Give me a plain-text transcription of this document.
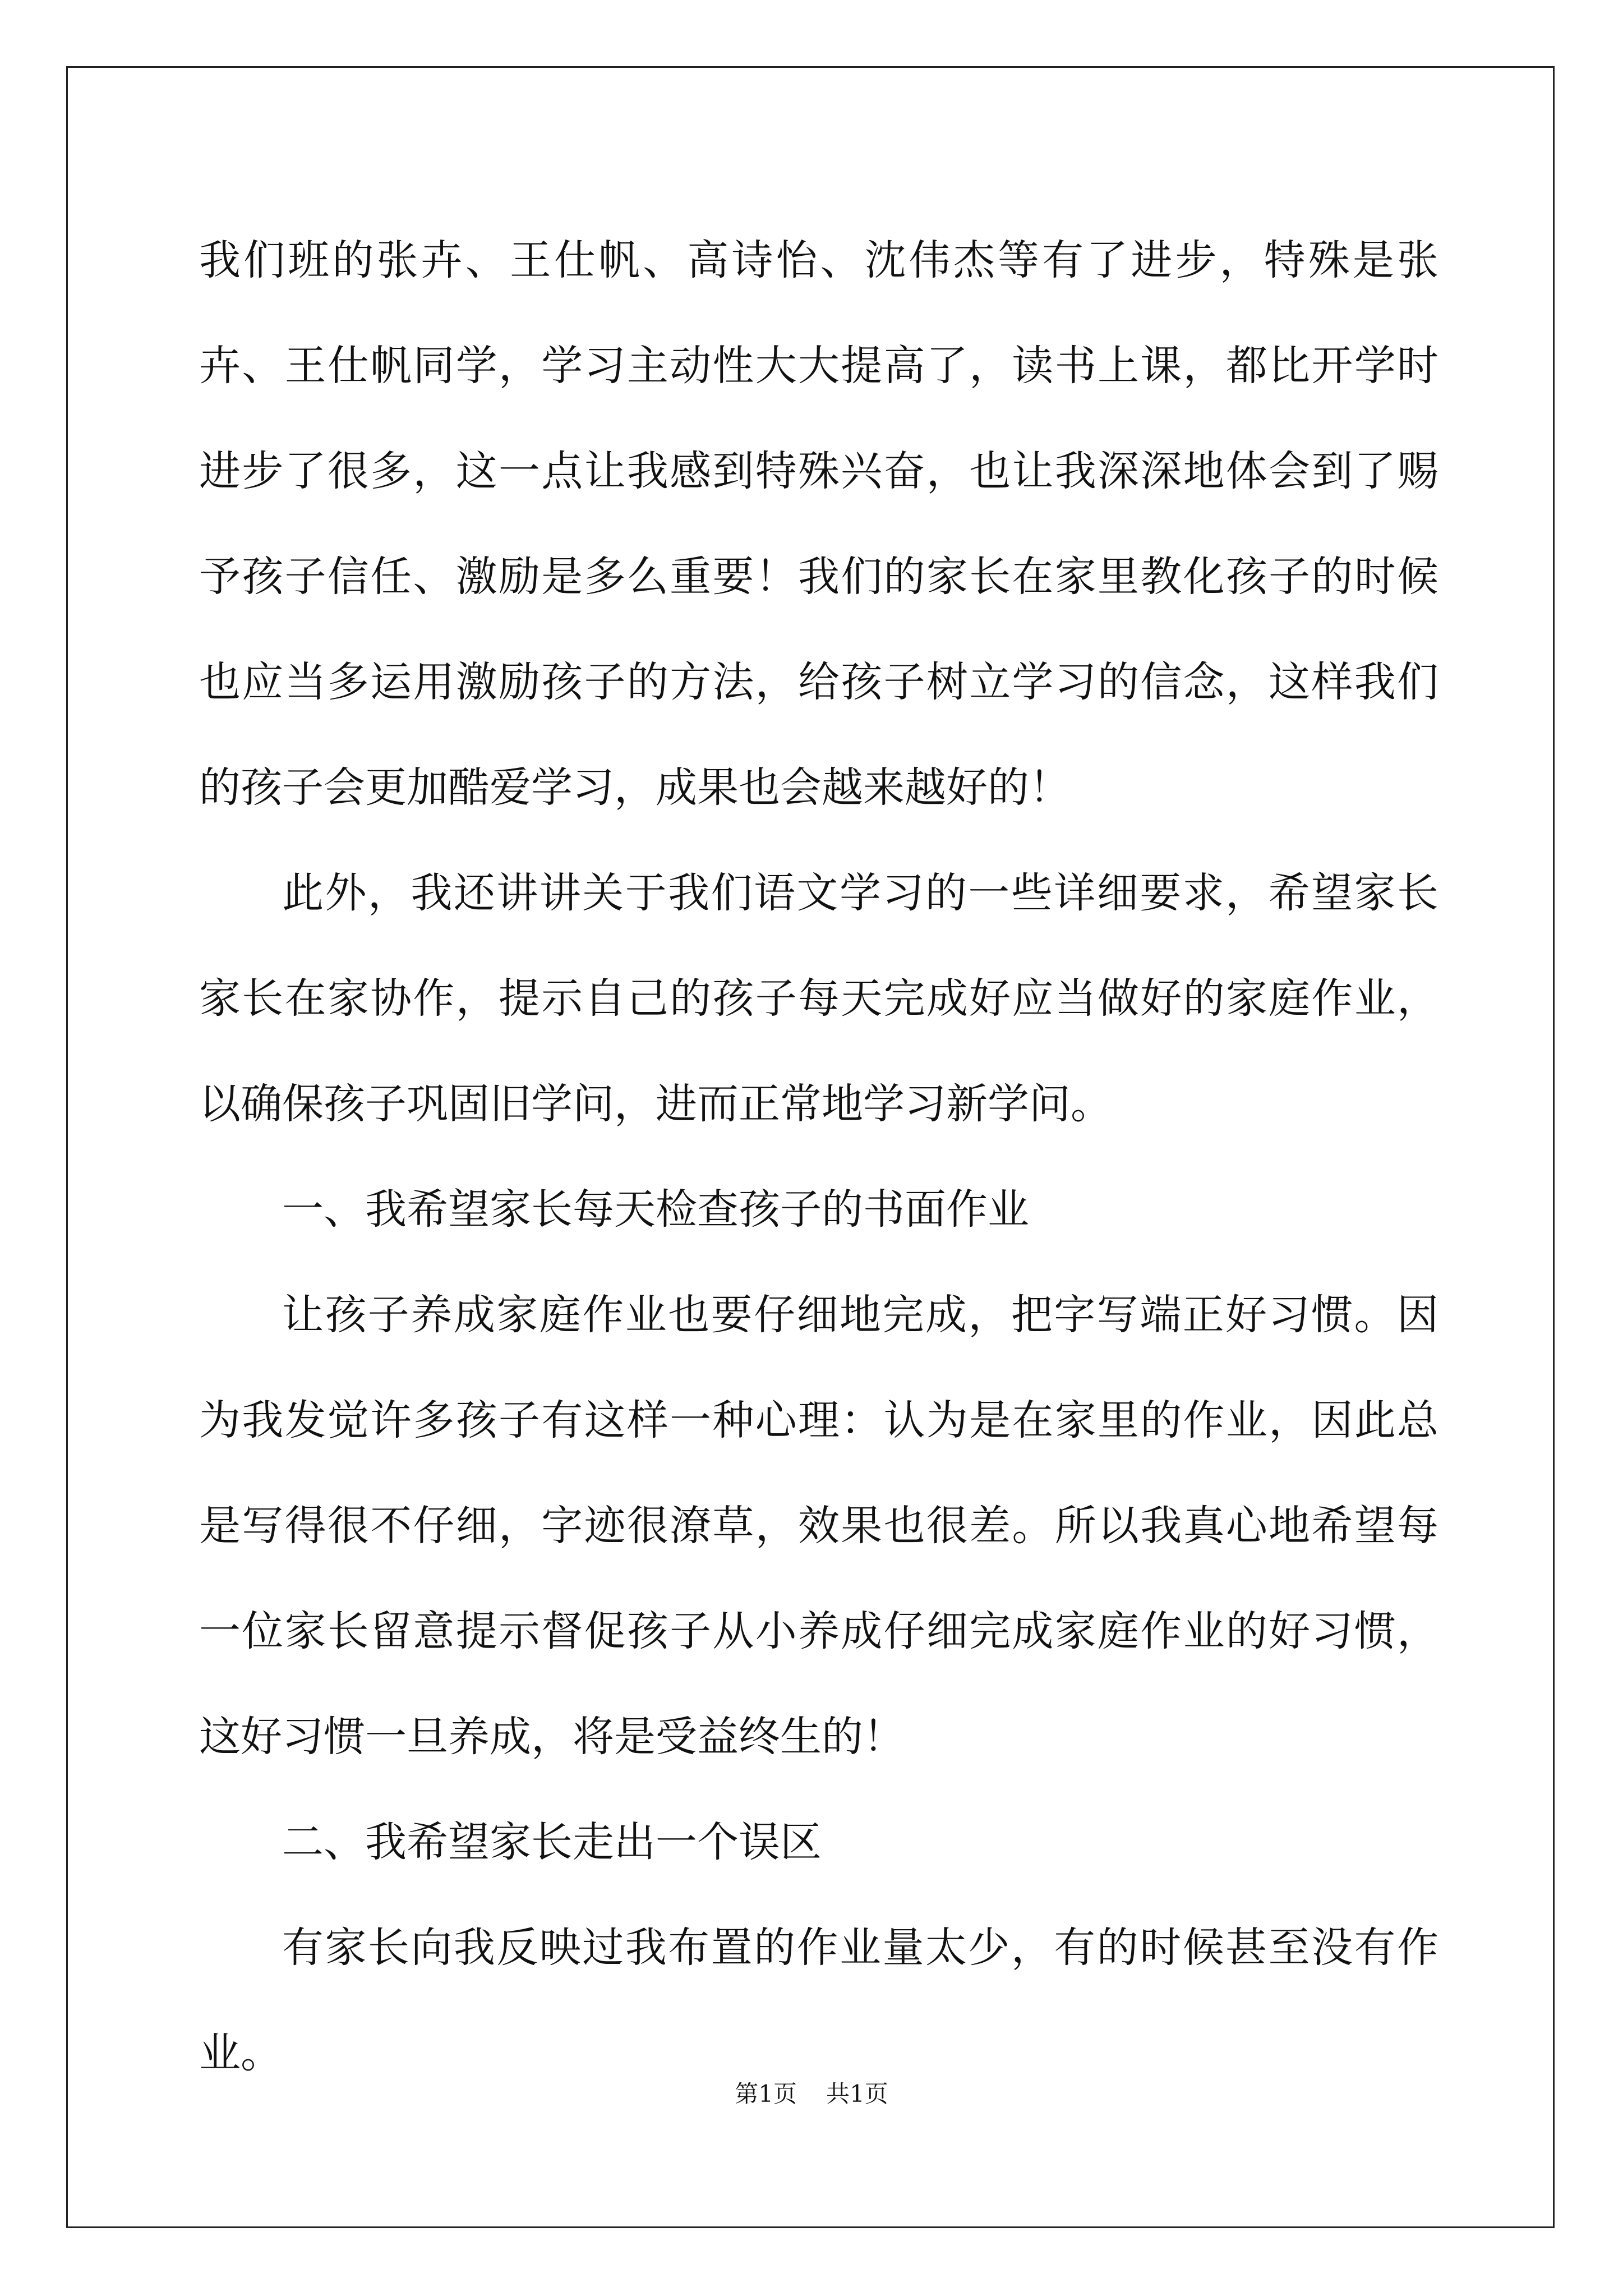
我们班的张卉、王仕帆、高诗怡、沈伟杰等有了进步，特殊是张卉、王仕帆同学，学习主动性大大提高了，读书上课，都比开学时进步了很多，这一点让我感到特殊兴奋，也让我深深地体会到了赐予孩子信任、激励是多么重要！我们的家长在家里教化孩子的时候也应当多运用激励孩子的方法，给孩子树立学习的信念，这样我们的孩子会更加酷爱学习，成果也会越来越好的！

此外，我还讲讲关于我们语文学习的一些详细要求，希望家长家长在家协作，提示自己的孩子每天完成好应当做好的家庭作业，以确保孩子巩固旧学问，进而正常地学习新学问。

一、我希望家长每天检查孩子的书面作业

让孩子养成家庭作业也要仔细地完成，把字写端正好习惯。因为我发觉许多孩子有这样一种心理：认为是在家里的作业，因此总是写得很不仔细，字迹很潦草，效果也很差。所以我真心地希望每一位家长留意提示督促孩子从小养成仔细完成家庭作业的好习惯，这好习惯一旦养成，将是受益终生的！

二、我希望家长走出一个误区

有家长向我反映过我布置的作业量太少，有的时候甚至没有作业。

第1页 共1页
